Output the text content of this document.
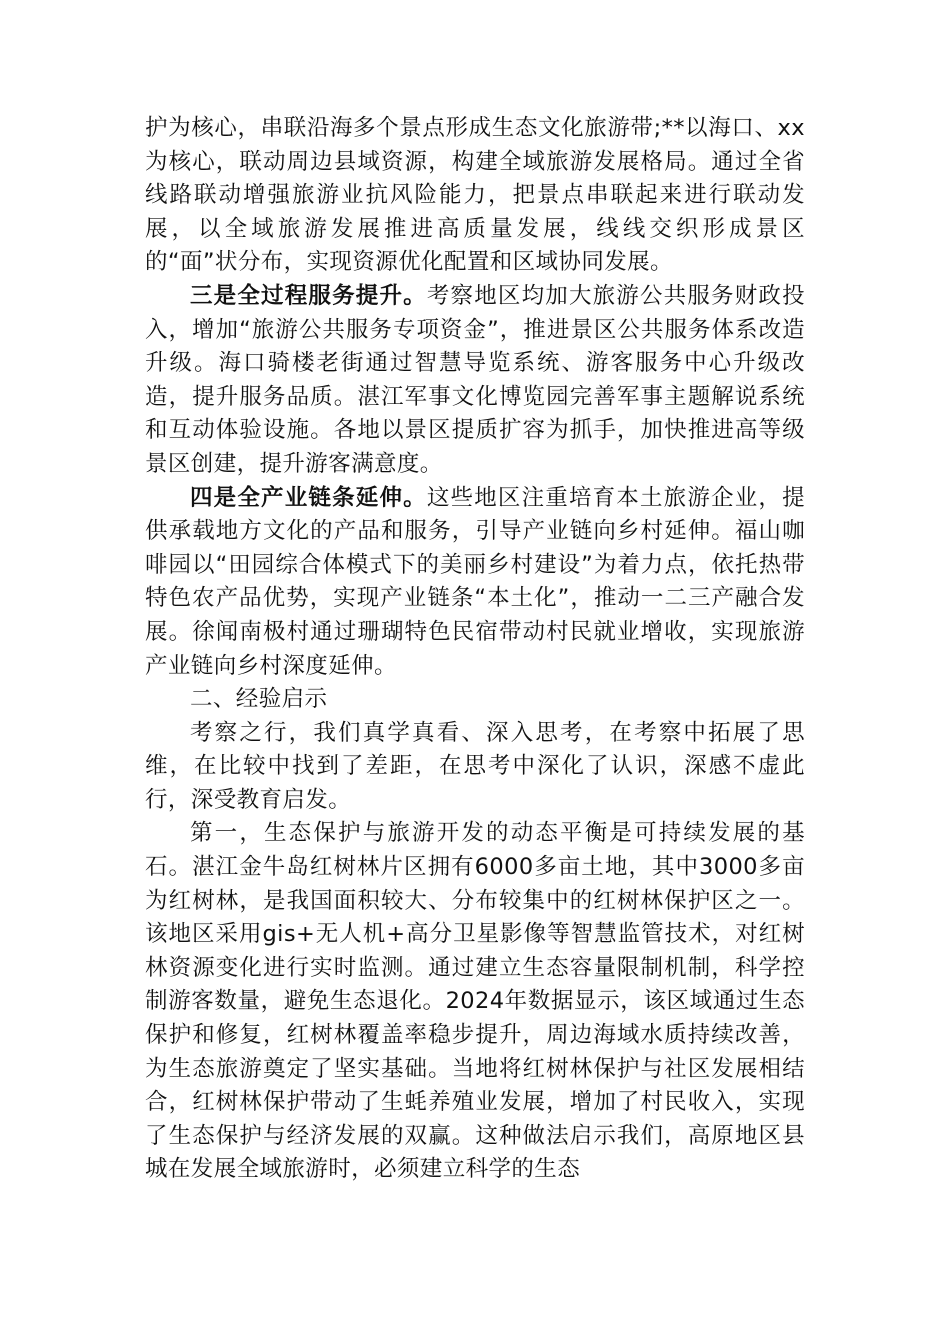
护为核心，串联沿海多个景点形成生态文化旅游带;**以海口、xx为核心，联动周边县域资源，构建全域旅游发展格局。通过全省线路联动增强旅游业抗风险能力，把景点串联起来进行联动发展，以全域旅游发展推进高质量发展，线线交织形成景区的“面”状分布，实现资源优化配置和区域协同发展。

三是全过程服务提升。考察地区均加大旅游公共服务财政投入，增加“旅游公共服务专项资金”，推进景区公共服务体系改造升级。海口骑楼老街通过智慧导览系统、游客服务中心升级改造，提升服务品质。湛江军事文化博览园完善军事主题解说系统和互动体验设施。各地以景区提质扩容为抓手，加快推进高等级景区创建，提升游客满意度。

四是全产业链条延伸。这些地区注重培育本土旅游企业，提供承载地方文化的产品和服务，引导产业链向乡村延伸。福山咖啡园以“田园综合体模式下的美丽乡村建设”为着力点，依托热带特色农产品优势，实现产业链条“本土化”，推动一二三产融合发展。徐闻南极村通过珊瑚特色民宿带动村民就业增收，实现旅游产业链向乡村深度延伸。

二、经验启示

考察之行，我们真学真看、深入思考，在考察中拓展了思维，在比较中找到了差距，在思考中深化了认识，深感不虚此行，深受教育启发。

第一，生态保护与旅游开发的动态平衡是可持续发展的基石。湛江金牛岛红树林片区拥有6000多亩土地，其中3000多亩为红树林，是我国面积较大、分布较集中的红树林保护区之一。该地区采用gis+无人机+高分卫星影像等智慧监管技术，对红树林资源变化进行实时监测。通过建立生态容量限制机制，科学控制游客数量，避免生态退化。2024年数据显示，该区域通过生态保护和修复，红树林覆盖率稳步提升，周边海域水质持续改善，为生态旅游奠定了坚实基础。当地将红树林保护与社区发展相结合，红树林保护带动了生蚝养殖业发展，增加了村民收入，实现了生态保护与经济发展的双赢。这种做法启示我们，高原地区县城在发展全域旅游时，必须建立科学的生态
